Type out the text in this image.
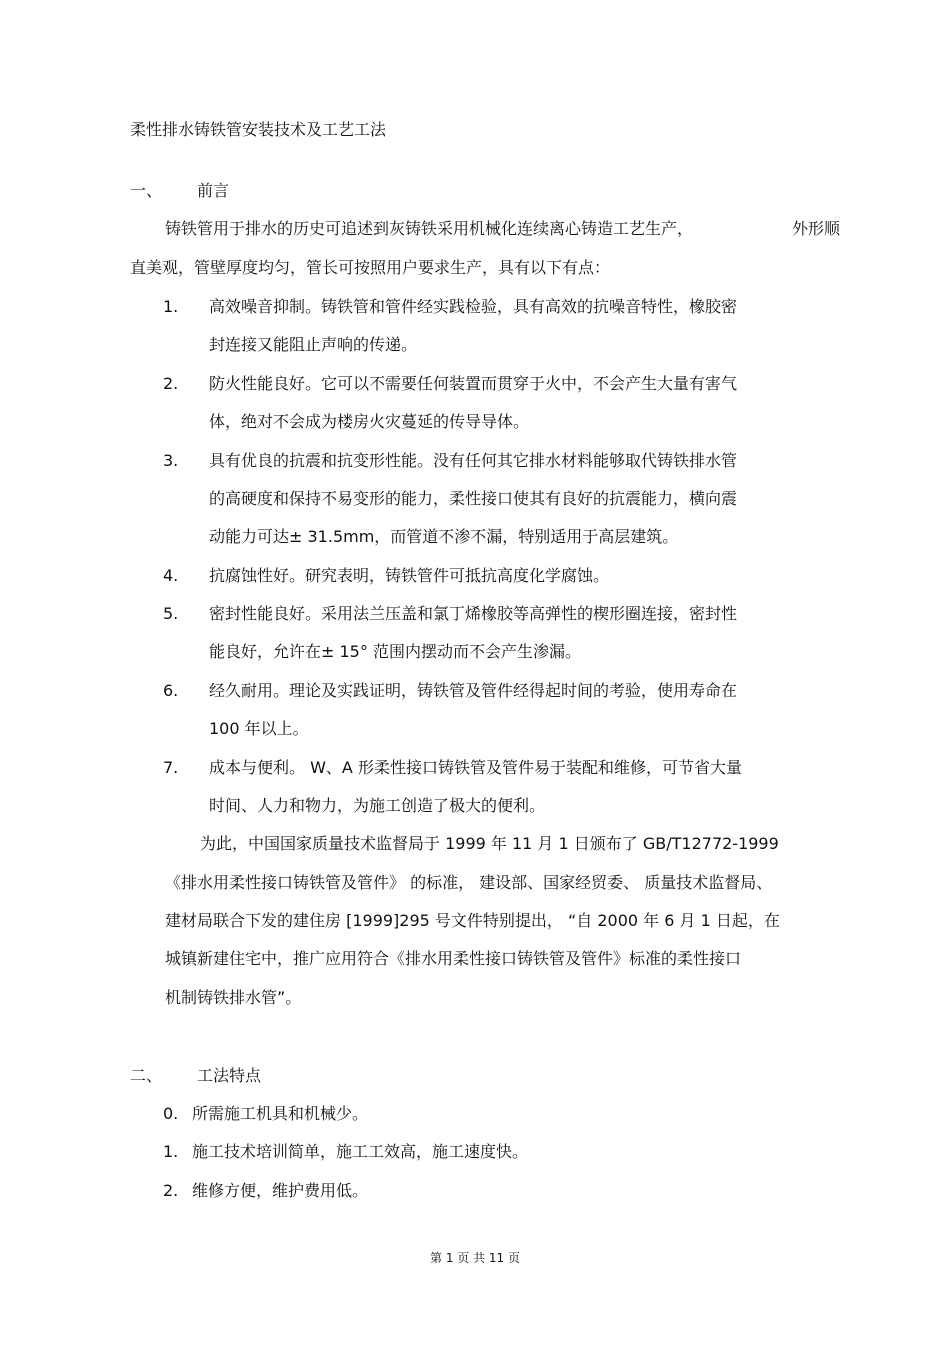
柔性排水铸铁管安装技术及工艺工法
一、 前言
铸铁管用于排水的历史可追述到灰铸铁采用机械化连续离心铸造工艺生产，	外形顺
直美观，管壁厚度均匀，管长可按照用户要求生产，具有以下有点：
1. 高效噪音抑制。铸铁管和管件经实践检验，具有高效的抗噪音特性，橡胶密
封连接又能阻止声响的传递。
2. 防火性能良好。它可以不需要任何装置而贯穿于火中，不会产生大量有害气
体，绝对不会成为楼房火灾蔓延的传导导体。
3. 具有优良的抗震和抗变形性能。没有任何其它排水材料能够取代铸铁排水管
的高硬度和保持不易变形的能力，柔性接口使其有良好的抗震能力，横向震
动能力可达± 31.5mm，而管道不渗不漏，特别适用于高层建筑。
4. 抗腐蚀性好。研究表明，铸铁管件可抵抗高度化学腐蚀。
5. 密封性能良好。采用法兰压盖和氯丁烯橡胶等高弹性的楔形圈连接，密封性
能良好，允许在± 15° 范围内摆动而不会产生渗漏。
6. 经久耐用。理论及实践证明，铸铁管及管件经得起时间的考验，使用寿命在
100 年以上。
7. 成本与便利。 W、A 形柔性接口铸铁管及管件易于装配和维修，可节省大量
时间、人力和物力，为施工创造了极大的便利。
为此，中国国家质量技术监督局于 1999 年 11 月 1 日颁布了 GB/T12772-1999
《排水用柔性接口铸铁管及管件》 的标准， 建设部、国家经贸委、 质量技术监督局、
建材局联合下发的建住房 [1999]295 号文件特别提出， “自 2000 年 6 月 1 日起，在
城镇新建住宅中，推广应用符合《排水用柔性接口铸铁管及管件》标准的柔性接口
机制铸铁排水管”。
二、 工法特点
0. 所需施工机具和机械少。
1. 施工技术培训简单，施工工效高，施工速度快。
2. 维修方便，维护费用低。
第 1 页 共 11 页
